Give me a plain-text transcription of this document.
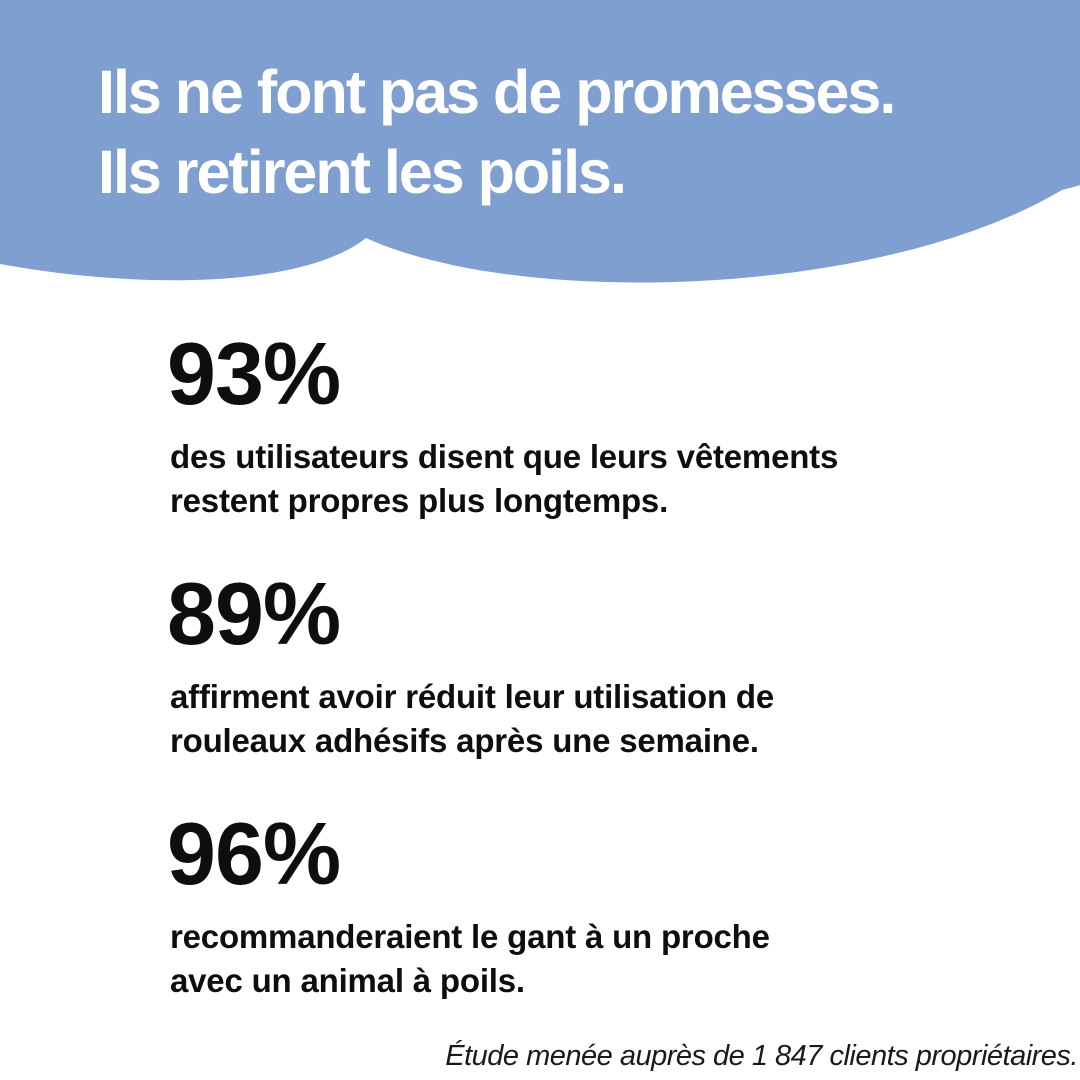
Ils ne font pas de promesses.
Ils retirent les poils.
93%
des utilisateurs disent que leurs vêtements
restent propres plus longtemps.
89%
affirment avoir réduit leur utilisation de
rouleaux adhésifs après une semaine.
96%
recommanderaient le gant à un proche
avec un animal à poils.
Étude menée auprès de 1 847 clients propriétaires.
